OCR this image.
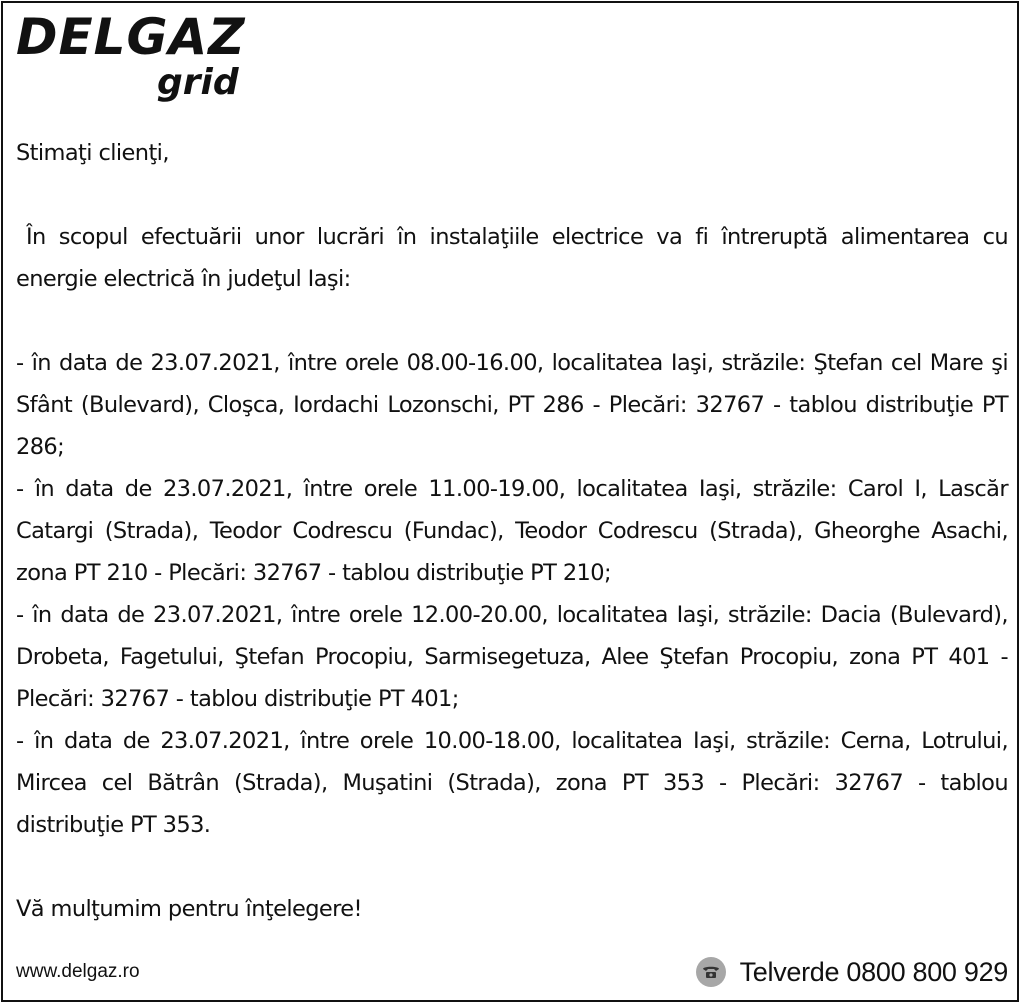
DELGAZ
grid

Stimaţi clienţi,

În scopul efectuării unor lucrări în instalaţiile electrice va fi întreruptă alimentarea cu energie electrică în judeţul Iaşi:

- în data de 23.07.2021, între orele 08.00-16.00, localitatea Iaşi, străzile: Ştefan cel Mare şi Sfânt (Bulevard), Cloşca, Iordachi Lozonschi, PT 286 - Plecări: 32767 - tablou distribuţie PT 286;
- în data de 23.07.2021, între orele 11.00-19.00, localitatea Iaşi, străzile: Carol I, Lascăr Catargi (Strada), Teodor Codrescu (Fundac), Teodor Codrescu (Strada), Gheorghe Asachi, zona PT 210 - Plecări: 32767 - tablou distribuţie PT 210;
- în data de 23.07.2021, între orele 12.00-20.00, localitatea Iaşi, străzile: Dacia (Bulevard), Drobeta, Fagetului, Ştefan Procopiu, Sarmisegetuza, Alee Ştefan Procopiu, zona PT 401 - Plecări: 32767 - tablou distribuţie PT 401;
- în data de 23.07.2021, între orele 10.00-18.00, localitatea Iaşi, străzile: Cerna, Lotrului, Mircea cel Bătrân (Strada), Muşatini (Strada), zona PT 353 - Plecări: 32767 - tablou distribuţie PT 353.

Vă mulţumim pentru înţelegere!

www.delgaz.ro	Telverde 0800 800 929
